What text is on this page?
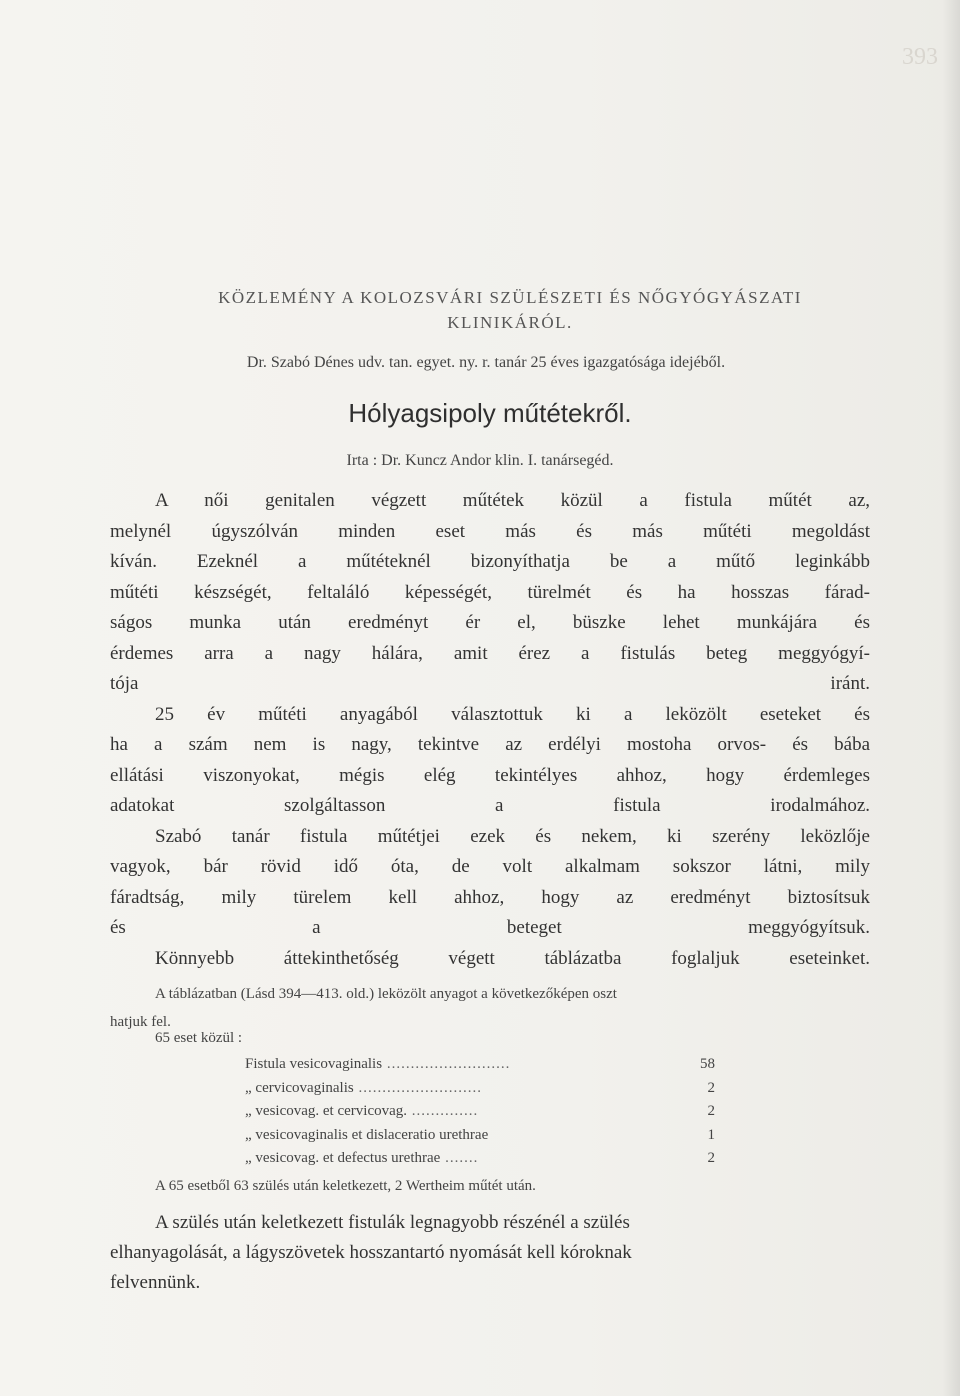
393
KÖZLEMÉNY A KOLOZSVÁRI SZÜLÉSZETI ÉS NŐGYÓGYÁSZATI
KLINIKÁRÓL.
Dr. Szabó Dénes udv. tan. egyet. ny. r. tanár 25 éves igazgatósága idejéből.
Hólyagsipoly műtétekről.
Irta : Dr. Kuncz Andor klin. I. tanársegéd.

A női genitalen végzett műtétek közül a fistula műtét az,
melynél úgyszólván minden eset más és más műtéti megoldást
kíván. Ezeknél a műtéteknél bizonyíthatja be a műtő leginkább
műtéti készségét, feltaláló képességét, türelmét és ha hosszas fárad-
ságos munka után eredményt ér el, büszke lehet munkájára és
érdemes arra a nagy hálára, amit érez a fistulás beteg meggyógyí-
tója iránt.

25 év műtéti anyagából választottuk ki a leközölt eseteket és
ha a szám nem is nagy, tekintve az erdélyi mostoha orvos- és bába
ellátási viszonyokat, mégis elég tekintélyes ahhoz, hogy érdemleges
adatokat szolgáltasson a fistula irodalmához.

Szabó tanár fistula műtétjei ezek és nekem, ki szerény leközlője
vagyok, bár rövid idő óta, de volt alkalmam sokszor látni, mily
fáradtság, mily türelem kell ahhoz, hogy az eredményt biztosítsuk
és a beteget meggyógyítsuk.

Könnyebb áttekinthetőség végett táblázatba foglaljuk eseteinket.

A táblázatban (Lásd 394—413. old.) leközölt anyagot a következőképen oszt
hatjuk fel.
65 eset közül :
Fistula vesicovaginalis ..........................	58
„ cervicovaginalis ..........................	2
„ vesicovag. et cervicovag. ..............	2
„ vesicovaginalis et dislaceratio urethrae	1
„ vesicovag. et defectus urethrae .......	2
A 65 esetből 63 szülés után keletkezett, 2 Wertheim műtét után.
A szülés után keletkezett fistulák legnagyobb részénél a szülés
elhanyagolását, a lágyszövetek hosszantartó nyomását kell kóroknak
felvennünk.
